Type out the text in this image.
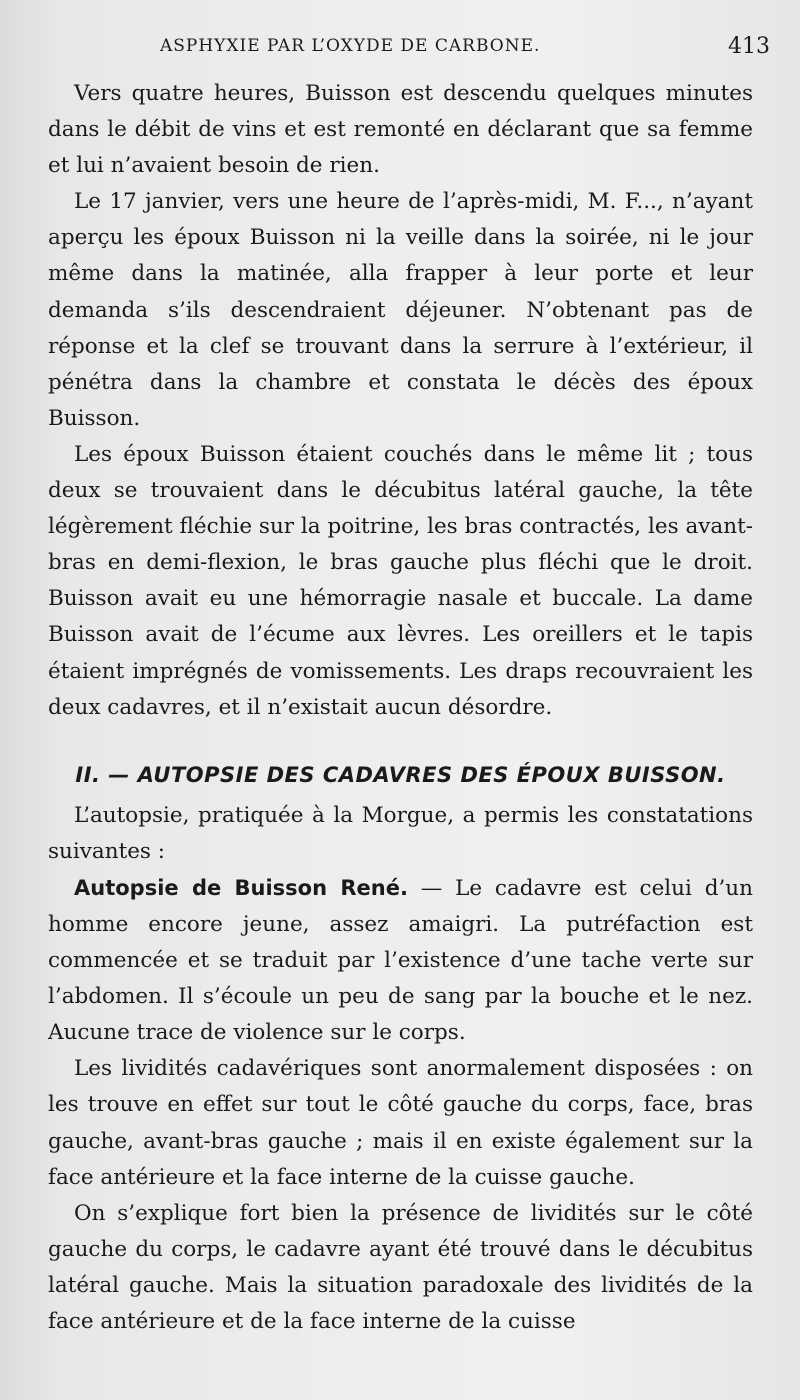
ASPHYXIE PAR L’OXYDE DE CARBONE.	413

Vers quatre heures, Buisson est descendu quelques minutes dans le débit de vins et est remonté en déclarant que sa femme et lui n’avaient besoin de rien.

Le 17 janvier, vers une heure de l’après-midi, M. F..., n’ayant aperçu les époux Buisson ni la veille dans la soirée, ni le jour même dans la matinée, alla frapper à leur porte et leur demanda s’ils descendraient déjeuner. N’obtenant pas de réponse et la clef se trouvant dans la serrure à l’extérieur, il pénétra dans la chambre et constata le décès des époux Buisson.

Les époux Buisson étaient couchés dans le même lit ; tous deux se trouvaient dans le décubitus latéral gauche, la tête légèrement fléchie sur la poitrine, les bras contractés, les avant-bras en demi-flexion, le bras gauche plus fléchi que le droit. Buisson avait eu une hémorragie nasale et buccale. La dame Buisson avait de l’écume aux lèvres. Les oreillers et le tapis étaient imprégnés de vomissements. Les draps recouvraient les deux cadavres, et il n’existait aucun désordre.

II. — AUTOPSIE DES CADAVRES DES ÉPOUX BUISSON.

L’autopsie, pratiquée à la Morgue, a permis les constatations suivantes :

Autopsie de Buisson René. — Le cadavre est celui d’un homme encore jeune, assez amaigri. La putréfaction est commencée et se traduit par l’existence d’une tache verte sur l’abdomen. Il s’écoule un peu de sang par la bouche et le nez. Aucune trace de violence sur le corps.

Les lividités cadavériques sont anormalement disposées : on les trouve en effet sur tout le côté gauche du corps, face, bras gauche, avant-bras gauche ; mais il en existe également sur la face antérieure et la face interne de la cuisse gauche.

On s’explique fort bien la présence de lividités sur le côté gauche du corps, le cadavre ayant été trouvé dans le décubitus latéral gauche. Mais la situation paradoxale des lividités de la face antérieure et de la face interne de la cuisse
